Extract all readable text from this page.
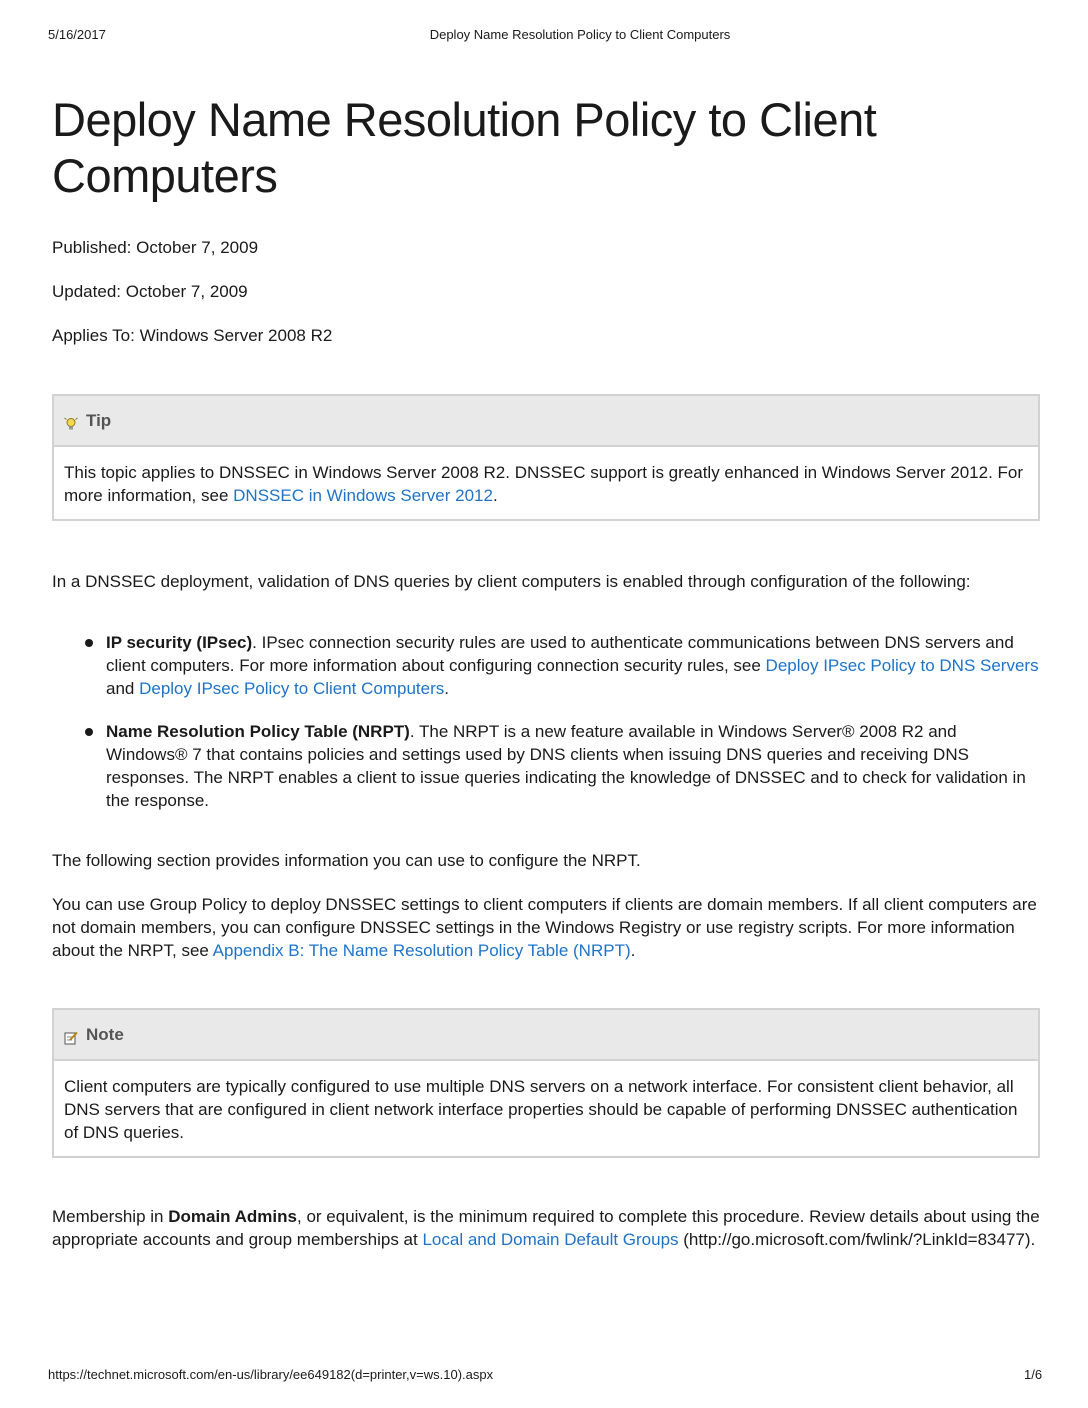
5/16/2017	Deploy Name Resolution Policy to Client Computers
Deploy Name Resolution Policy to Client Computers

Published: October 7, 2009

Updated: October 7, 2009

Applies To: Windows Server 2008 R2

Tip
This topic applies to DNSSEC in Windows Server 2008 R2. DNSSEC support is greatly enhanced in Windows Server 2012. For more information, see DNSSEC in Windows Server 2012.

In a DNSSEC deployment, validation of DNS queries by client computers is enabled through configuration of the following:

IP security (IPsec). IPsec connection security rules are used to authenticate communications between DNS servers and client computers. For more information about configuring connection security rules, see Deploy IPsec Policy to DNS Servers and Deploy IPsec Policy to Client Computers.
Name Resolution Policy Table (NRPT). The NRPT is a new feature available in Windows Server® 2008 R2 and Windows® 7 that contains policies and settings used by DNS clients when issuing DNS queries and receiving DNS responses. The NRPT enables a client to issue queries indicating the knowledge of DNSSEC and to check for validation in the response.

The following section provides information you can use to configure the NRPT.

You can use Group Policy to deploy DNSSEC settings to client computers if clients are domain members. If all client computers are not domain members, you can configure DNSSEC settings in the Windows Registry or use registry scripts. For more information about the NRPT, see Appendix B: The Name Resolution Policy Table (NRPT).

Note
Client computers are typically configured to use multiple DNS servers on a network interface. For consistent client behavior, all DNS servers that are configured in client network interface properties should be capable of performing DNSSEC authentication of DNS queries.

Membership in Domain Admins, or equivalent, is the minimum required to complete this procedure. Review details about using the appropriate accounts and group memberships at Local and Domain Default Groups (http://go.microsoft.com/fwlink/?LinkId=83477).

https://technet.microsoft.com/en-us/library/ee649182(d=printer,v=ws.10).aspx	1/6
